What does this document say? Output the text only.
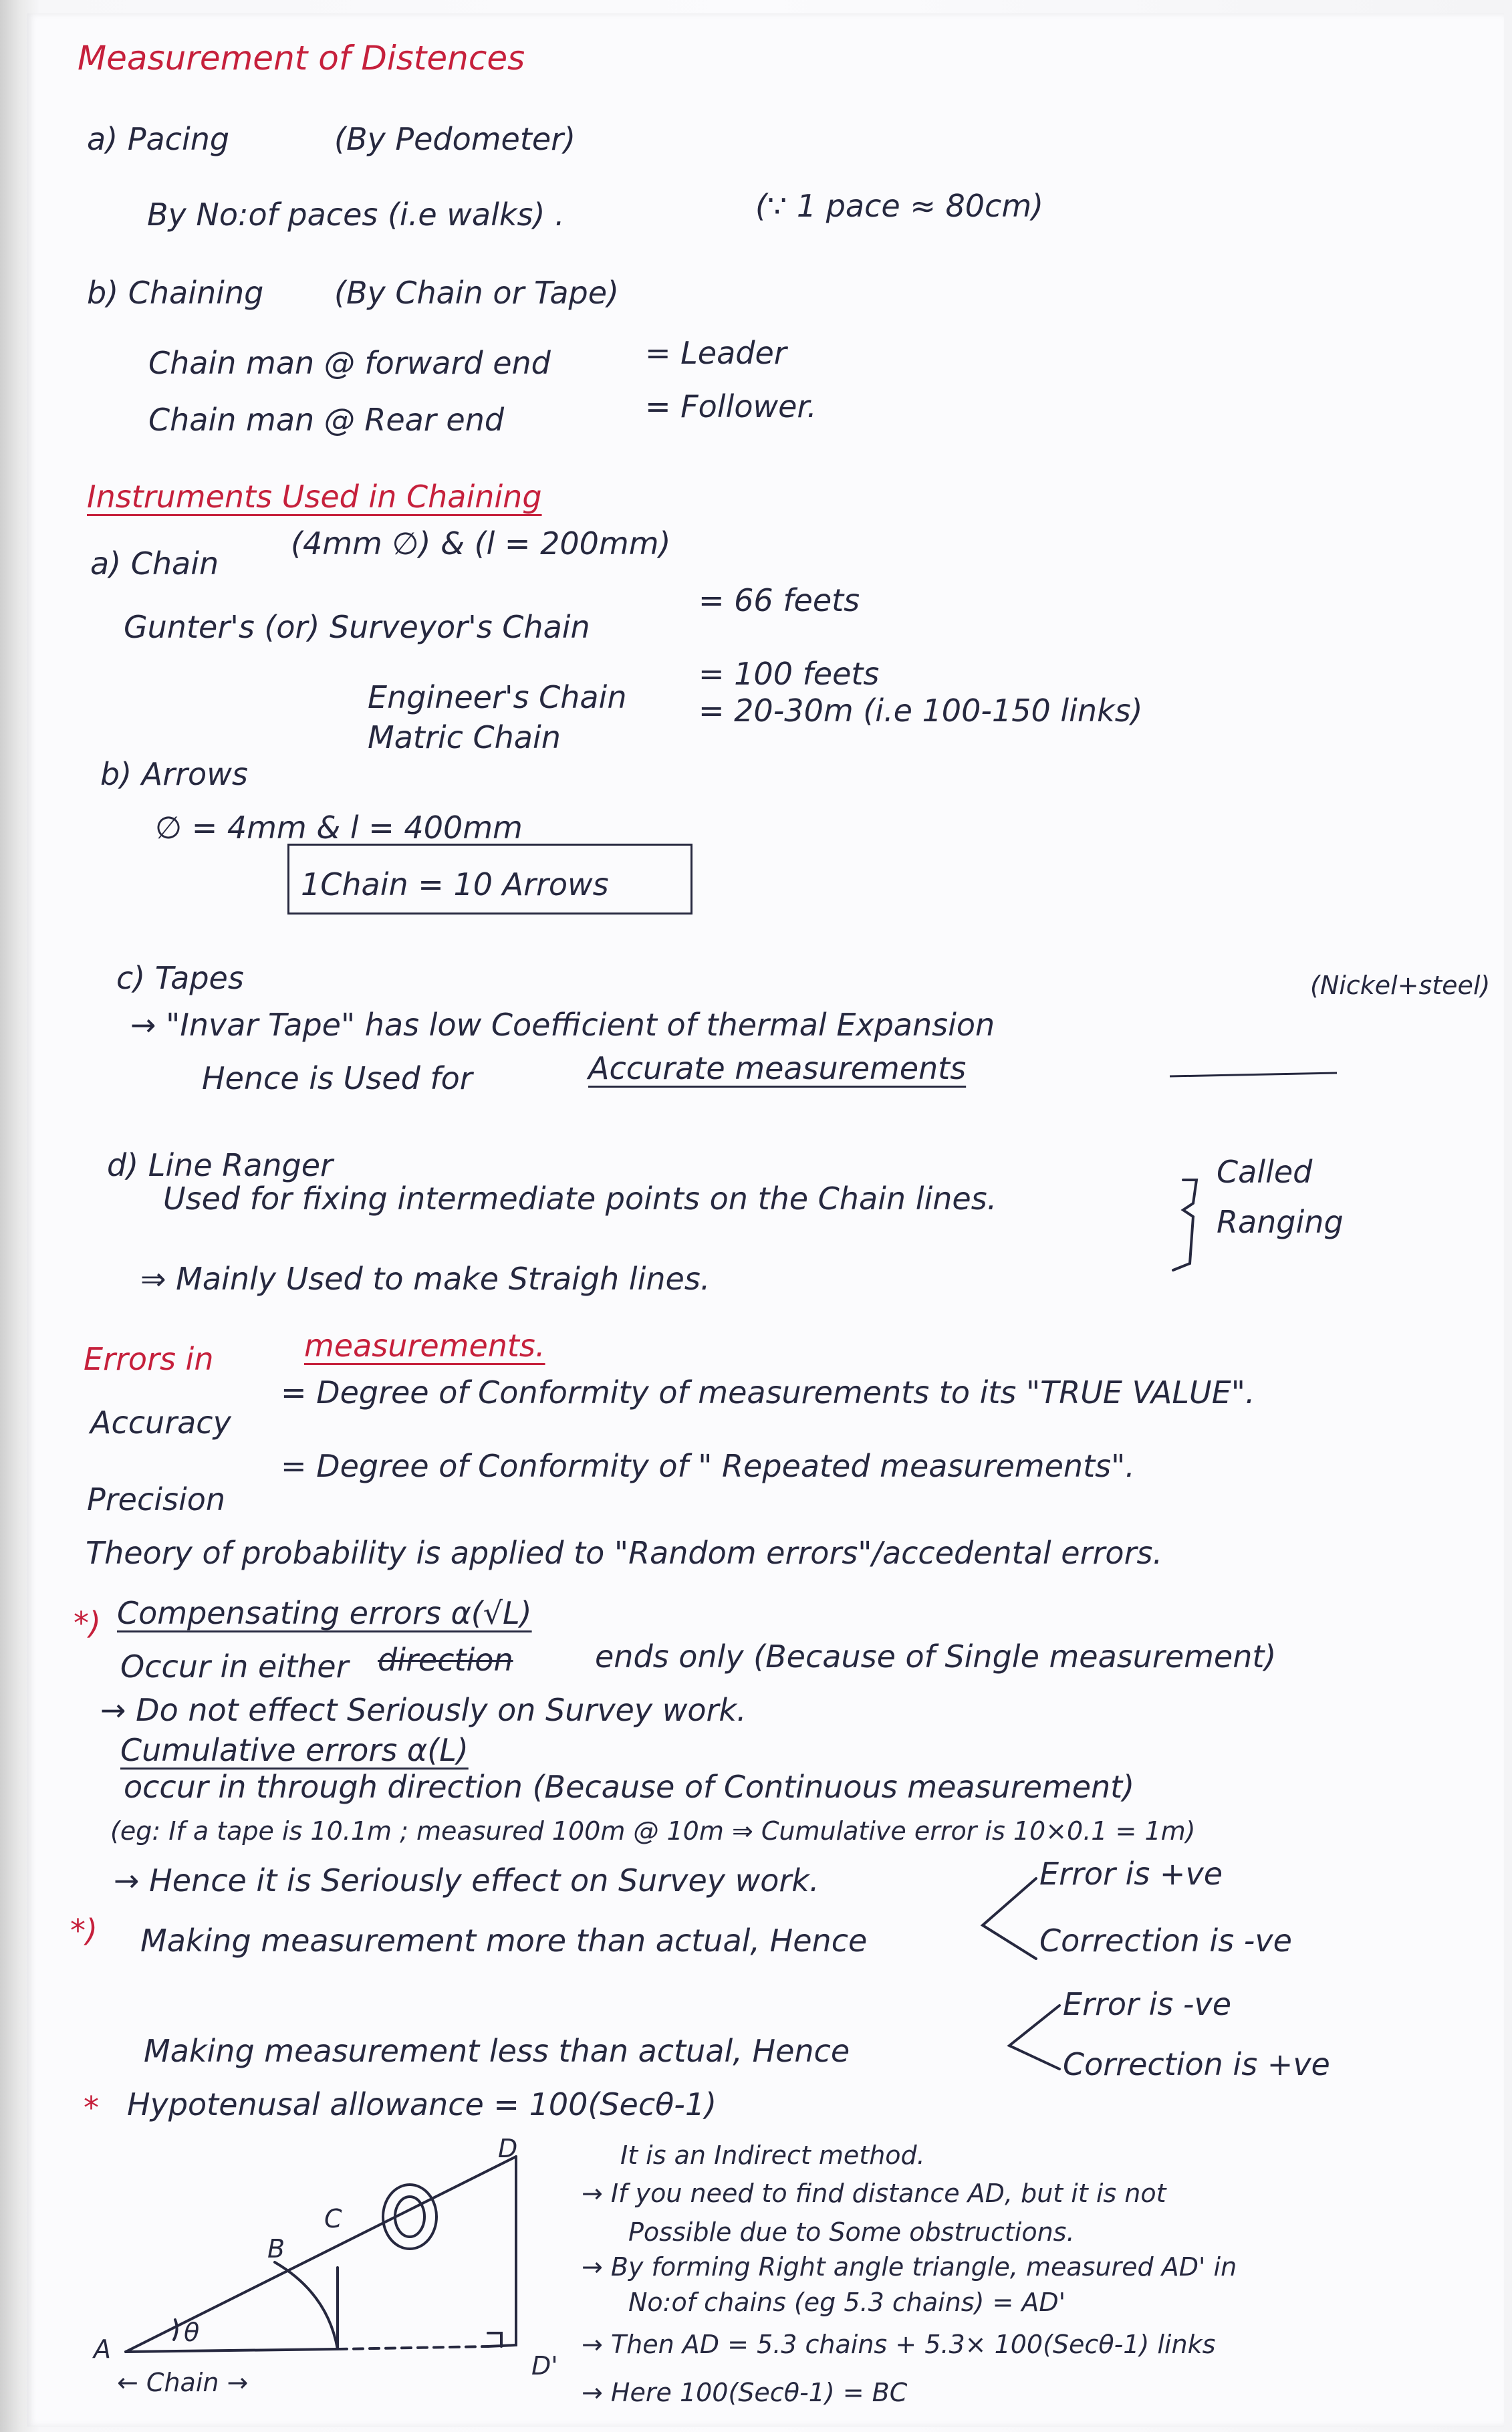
Measurement of Distences
a) Pacing	(By Pedometer)
By No:of paces (i.e walks) .	(∵ 1 pace ≈ 80cm)
b) Chaining (By Chain or Tape)
Chain man @ forward end	= Leader
Chain man @ Rear end	= Follower.
Instruments Used in Chaining
a) Chain
(4mm ∅) & (l = 200mm)
Gunter's (or) Surveyor's Chain
= 66 feets
Engineer's Chain
= 100 feets
Matric Chain
= 20-30m (i.e 100-150 links)
b) Arrows
∅ = 4mm & l = 400mm
1Chain = 10 Arrows
c) Tapes
→ "Invar Tape" has low Coefficient of thermal Expansion
(Nickel+steel)
Hence is Used for	Accurate measurements
d) Line Ranger
Used for fixing intermediate points on the Chain lines.
⇒ Mainly Used to make Straigh lines.
Called
Ranging
Errors in	measurements.
Accuracy
= Degree of Conformity of measurements to its "TRUE VALUE".
Precision
= Degree of Conformity of " Repeated measurements".
Theory of probability is applied to "Random errors"/accedental errors.
*) Compensating errors α(√L)
Occur in either direction	ends only (Because of Single measurement)
→ Do not effect Seriously on Survey work.
Cumulative errors α(L)
occur in through direction (Because of Continuous measurement)
(eg: If a tape is 10.1m ; measured 100m @ 10m ⇒ Cumulative error is 10×0.1 = 1m)
→ Hence it is Seriously effect on Survey work.
*) Making measurement more than actual, Hence
Error is +ve
Correction is -ve
Making measurement less than actual, Hence
Error is -ve
Correction is +ve
* Hypotenusal allowance = 100(Secθ-1)
A
B
C
D
D'
θ
← Chain →
It is an Indirect method.
→ If you need to find distance AD, but it is not
Possible due to Some obstructions.
→ By forming Right angle triangle, measured AD' in
No:of chains (eg 5.3 chains) = AD'
→ Then AD = 5.3 chains + 5.3× 100(Secθ-1) links
→ Here 100(Secθ-1) = BC
